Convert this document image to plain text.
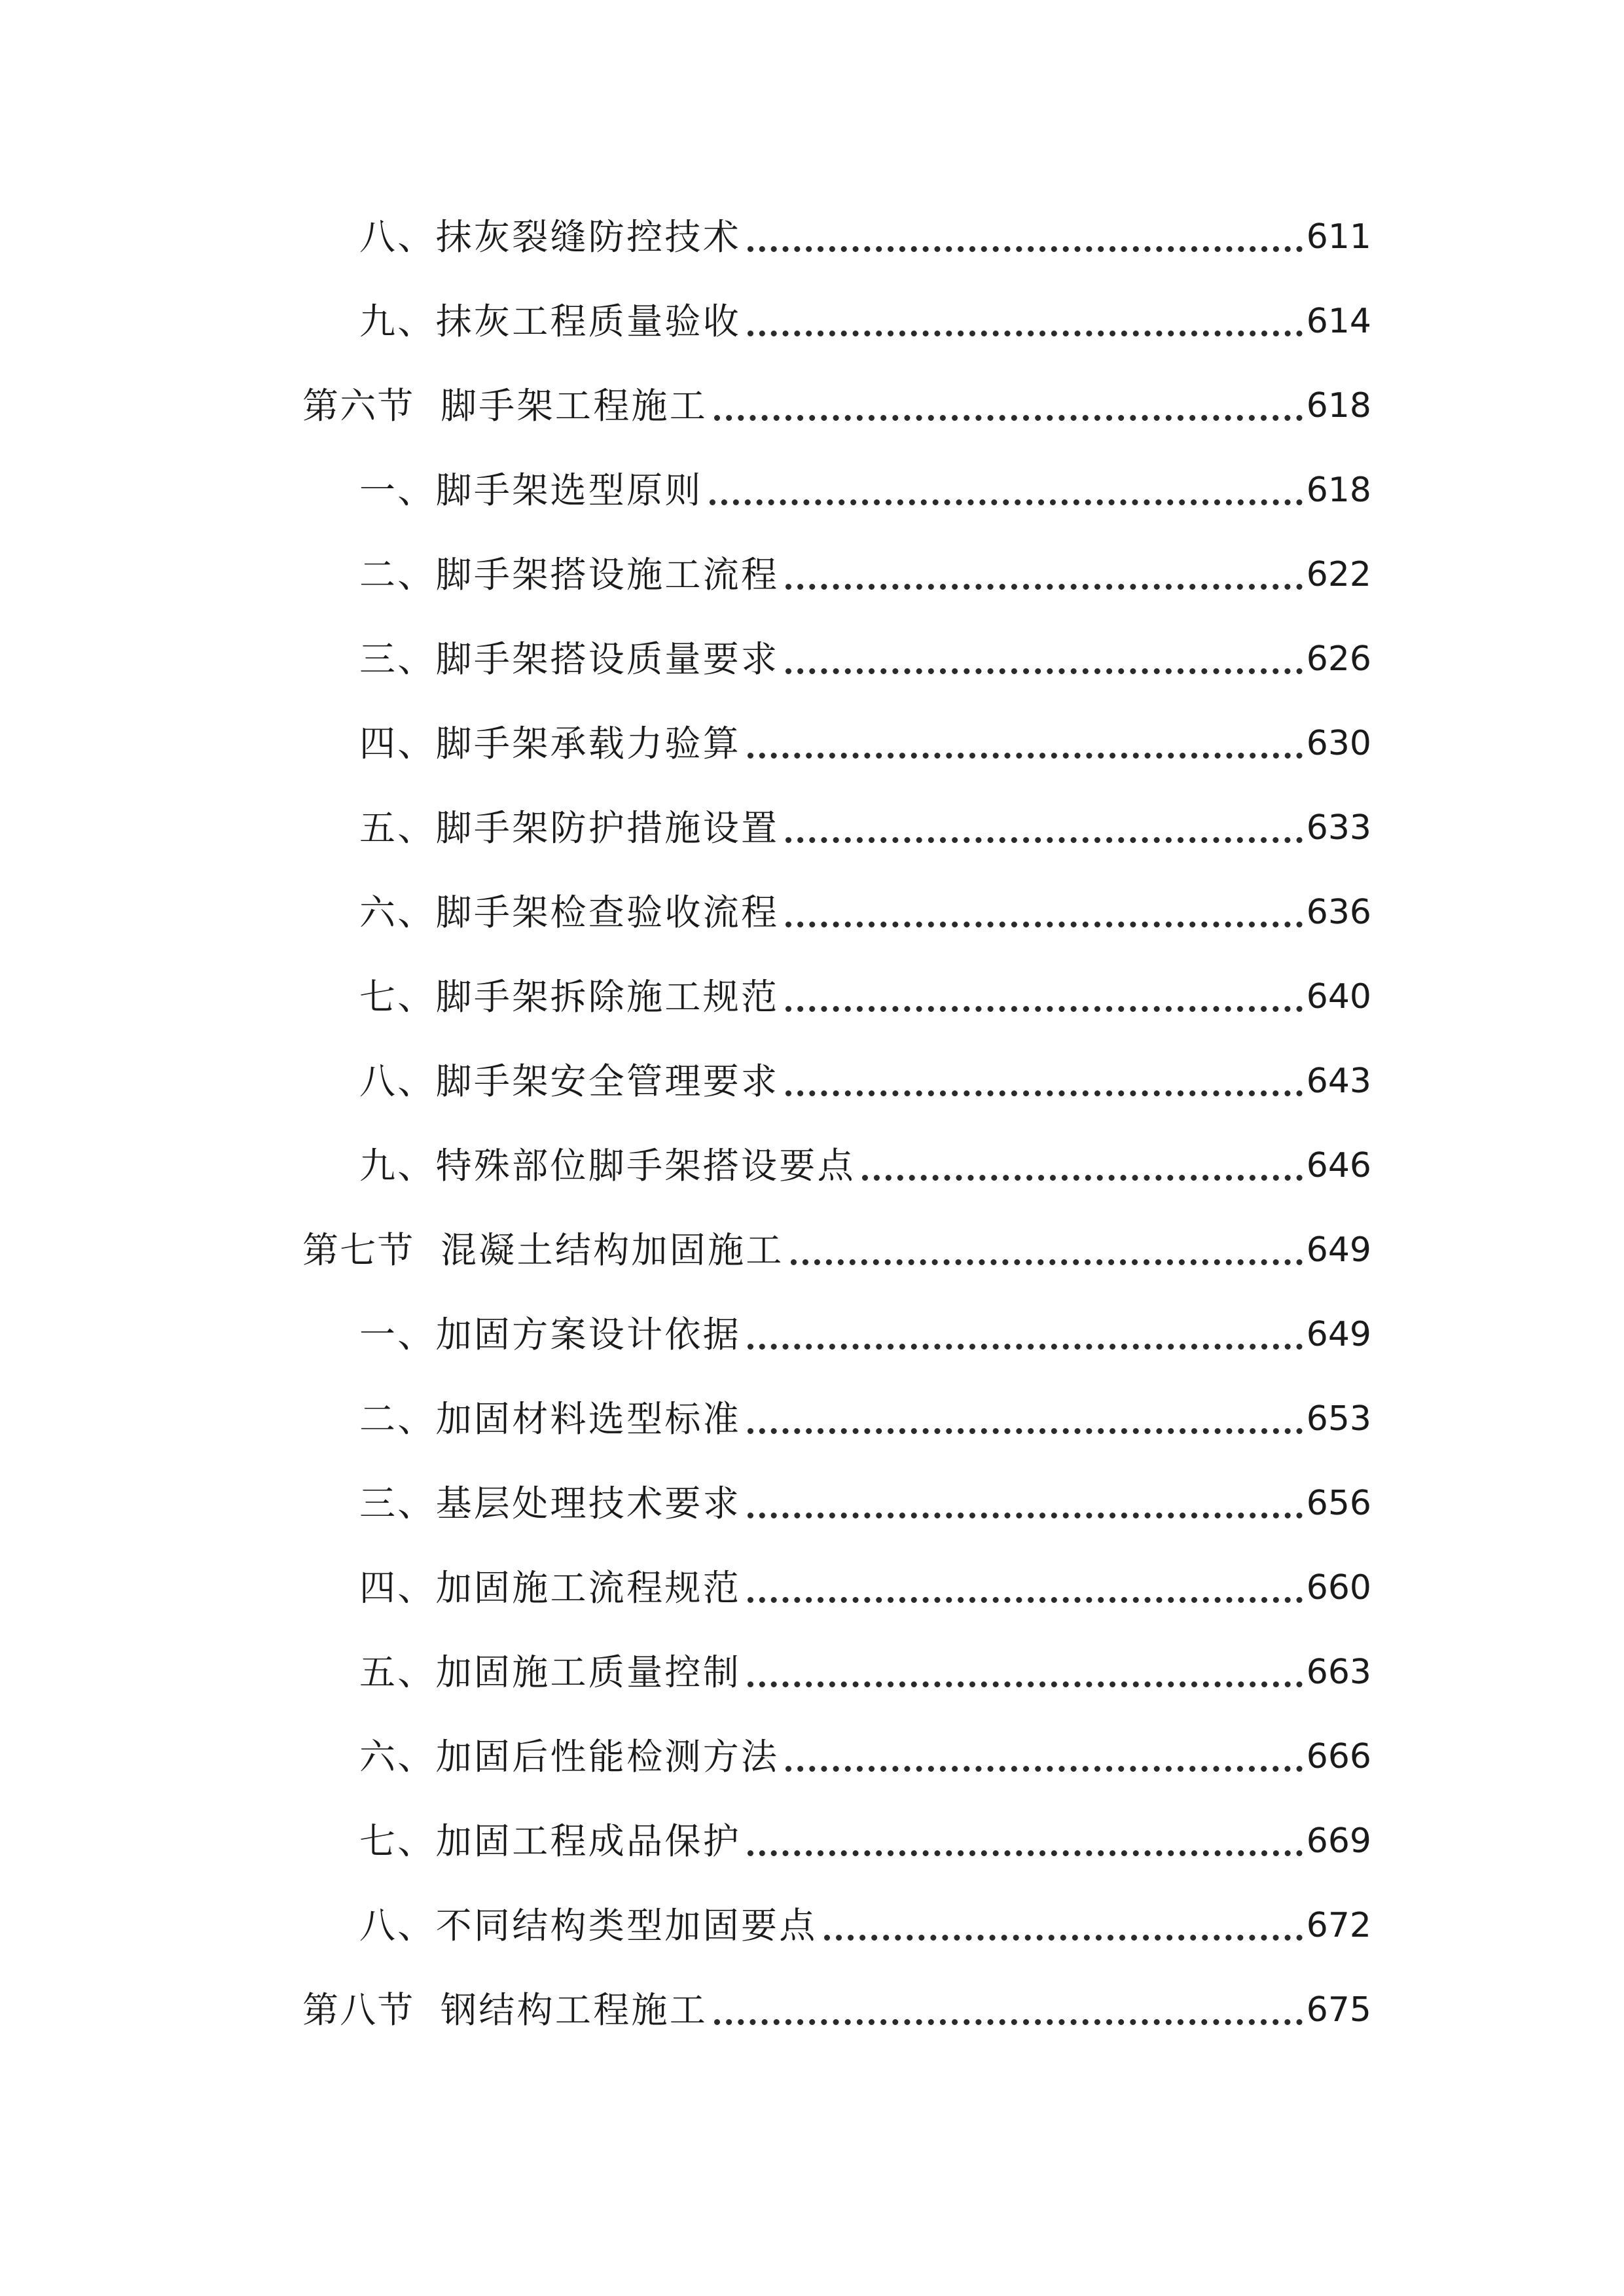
八、 抹灰裂缝防控技术	611
九、 抹灰工程质量验收	614
第六节 脚手架工程施工	618
一、 脚手架选型原则	618
二、 脚手架搭设施工流程	622
三、 脚手架搭设质量要求	626
四、 脚手架承载力验算	630
五、 脚手架防护措施设置	633
六、 脚手架检查验收流程	636
七、 脚手架拆除施工规范	640
八、 脚手架安全管理要求	643
九、 特殊部位脚手架搭设要点	646
第七节 混凝土结构加固施工	649
一、 加固方案设计依据	649
二、 加固材料选型标准	653
三、 基层处理技术要求	656
四、 加固施工流程规范	660
五、 加固施工质量控制	663
六、 加固后性能检测方法	666
七、 加固工程成品保护	669
八、 不同结构类型加固要点	672
第八节 钢结构工程施工	675
